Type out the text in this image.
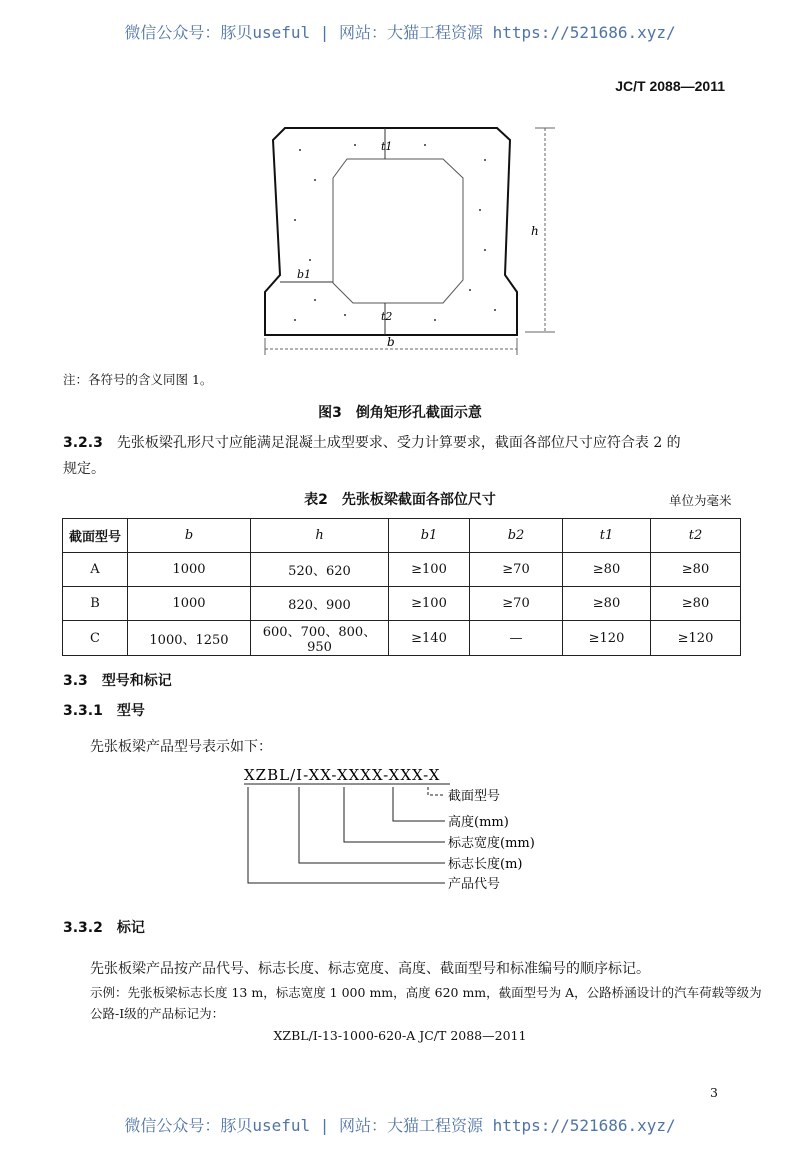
微信公众号：豚贝useful | 网站：大猫工程资源 https://521686.xyz/
JC/T 2088—2011
t1
t2
b1
h
b
注：各符号的含义同图 1。
图3　倒角矩形孔截面示意
3.2.3　 先张板梁孔形尺寸应能满足混凝土成型要求、受力计算要求，截面各部位尺寸应符合表 2 的
规定。
表2　先张板梁截面各部位尺寸	单位为毫米
截面型号	b	h	b1	b2	t1	t2
A	1000	520、620	≥100	≥70	≥80	≥80
B	1000	820、900	≥100	≥70	≥80	≥80
C	1000、1250	600、700、800、950	≥140	—	≥120	≥120
3.3　 型号和标记
3.3.1　 型号
先张板梁产品型号表示如下：
XZBL/Ⅰ-XX-XXXX-XXX-X
截面型号
高度(mm)
标志宽度(mm)
标志长度(m)
产品代号
3.3.2　 标记
先张板梁产品按产品代号、标志长度、标志宽度、高度、截面型号和标准编号的顺序标记。
示例：先张板梁标志长度 13 m，标志宽度 1 000 mm，高度 620 mm，截面型号为 A，公路桥涵设计的汽车荷载等级为
公路-Ⅰ级的产品标记为：
XZBL/Ⅰ-13-1000-620-A JC/T 2088—2011
3
微信公众号：豚贝useful | 网站：大猫工程资源 https://521686.xyz/
